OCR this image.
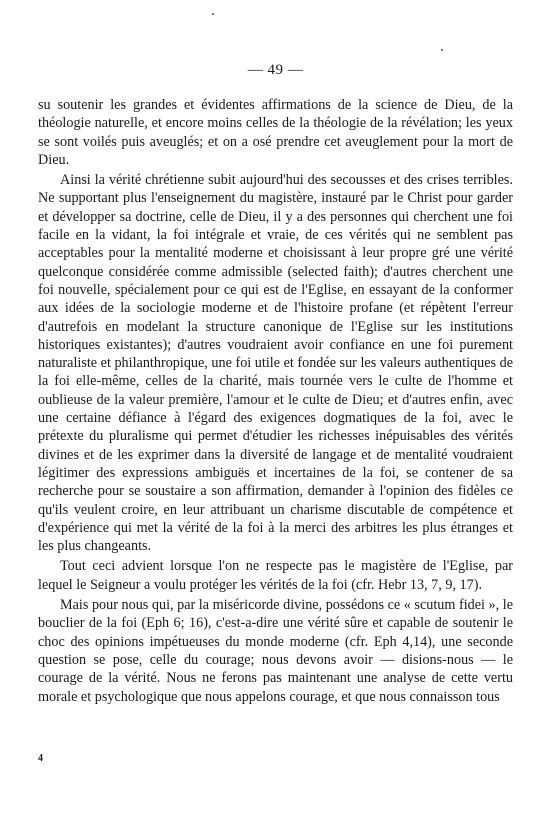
— 49 —

su soutenir les grandes et évidentes affirmations de la science de Dieu, de la théologie naturelle, et encore moins celles de la théologie de la révélation; les yeux se sont voilés puis aveuglés; et on a osé prendre cet aveuglement pour la mort de Dieu.

Ainsi la vérité chrétienne subit aujourd'hui des secousses et des crises terribles. Ne supportant plus l'enseignement du magistère, instauré par le Christ pour garder et développer sa doctrine, celle de Dieu, il y a des personnes qui cherchent une foi facile en la vidant, la foi intégrale et vraie, de ces vérités qui ne semblent pas acceptables pour la mentalité moderne et choisissant à leur propre gré une vérité quelconque considérée comme admissible (selected faith); d'autres cherchent une foi nouvelle, spécialement pour ce qui est de l'Eglise, en essayant de la conformer aux idées de la sociologie moderne et de l'histoire profane (et répètent l'erreur d'autrefois en modelant la structure canonique de l'Eglise sur les institutions historiques existantes); d'autres voudraient avoir confiance en une foi purement naturaliste et philanthropique, une foi utile et fondée sur les valeurs authentiques de la foi elle-même, celles de la charité, mais tournée vers le culte de l'homme et oublieuse de la valeur première, l'amour et le culte de Dieu; et d'autres enfin, avec une certaine défiance à l'égard des exigences dogmatiques de la foi, avec le prétexte du pluralisme qui permet d'étudier les richesses inépuisables des vérités divines et de les exprimer dans la diversité de langage et de mentalité voudraient légitimer des expressions ambiguës et incertaines de la foi, se contener de sa recherche pour se soustaire a son affirmation, demander à l'opinion des fidèles ce qu'ils veulent croire, en leur attribuant un charisme discutable de compétence et d'expérience qui met la vérité de la foi à la merci des arbitres les plus étranges et les plus changeants.

Tout ceci advient lorsque l'on ne respecte pas le magistère de l'Eglise, par lequel le Seigneur a voulu protéger les vérités de la foi (cfr. Hebr 13, 7, 9, 17).

Mais pour nous qui, par la miséricorde divine, possédons ce « scutum fidei », le bouclier de la foi (Eph 6; 16), c'est-a-dire une vérité sûre et capable de soutenir le choc des opinions impétueuses du monde moderne (cfr. Eph 4,14), une seconde question se pose, celle du courage; nous devons avoir — disions-nous — le courage de la vérité. Nous ne ferons pas maintenant une analyse de cette vertu morale et psychologique que nous appelons courage, et que nous connaisson tous

4
